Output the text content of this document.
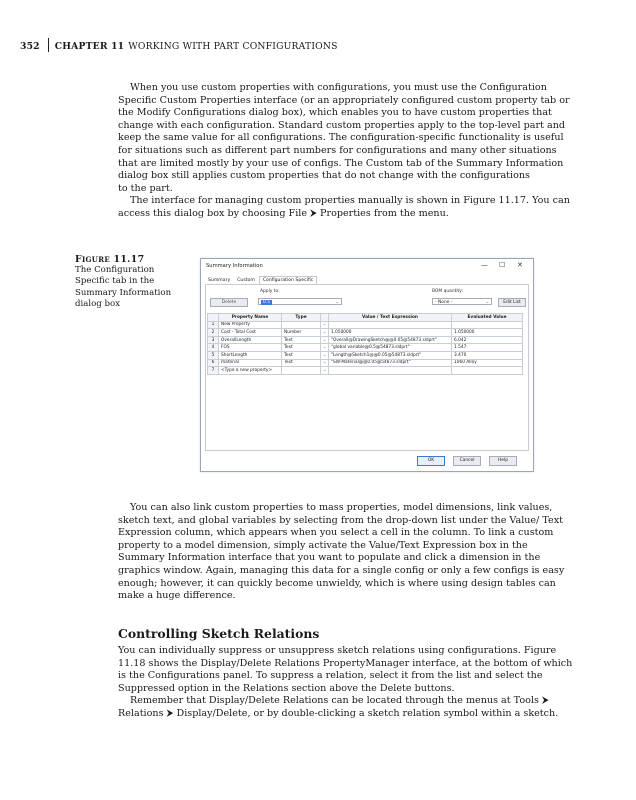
352 CHAPTER 11 WORKING WITH PART CONFIGURATIONS

When you use custom properties with configurations, you must use the Configuration Specific Custom Properties interface (or an appropriately configured custom property tab or the Modify Configurations dialog box), which enables you to have custom properties that change with each configuration. Standard custom properties apply to the top-level part and keep the same value for all configurations. The configuration-specific functionality is useful for situations such as different part numbers for configurations and many other situations that are limited mostly by your use of configs. The Custom tab of the Summary Information dialog box still applies custom properties that do not change with the configurations

to the part.

The interface for managing custom properties manually is shown in Figure 11.17. You can access this dialog box by choosing File ⮞ Properties from the menu.

Figure 11.17
The Configuration Specific tab in the Summary Information dialog box
Summary Information	— ☐ ✕
Summary Custom Configuration Specific
Apply to:
Delete	0.5	⌄
BOM quantity:
- None -	⌄	Edit List
	Property Name	Type		Value / Text Expression	Evaluated Value
1	New Property		⌄		
2	Cost - Total Cost	Number	⌄	1.050000	1.050000
3	OverallLength	Text	⌄	"Overall@DrawingSketch@@0.05@54873.sldprt"	6.042
4	FOS	Text	⌄	"global variable@0.5@54873.sldprt"	1.547
5	ShortLength	Text	⌄	"Length@Sketch1@@0.05@54873.sldprt"	3.470
6	material	Text	⌄	"SW-Material@@0.05@54873.sldprt"	1060 Alloy
7	<Type a new property>		⌄		
OK	Cancel	Help

You can also link custom properties to mass properties, model dimensions, link values, sketch text, and global variables by selecting from the drop-down list under the Value/ Text Expression column, which appears when you select a cell in the column. To link a custom property to a model dimension, simply activate the Value/Text Expression box in the Summary Information interface that you want to populate and click a dimension in the graphics window. Again, managing this data for a single config or only a few configs is easy enough; however, it can quickly become unwieldy, which is where using design tables can make a huge difference.

Controlling Sketch Relations

You can individually suppress or unsuppress sketch relations using configurations. Figure 11.18 shows the Display/Delete Relations PropertyManager interface, at the bottom of which is the Configurations panel. To suppress a relation, select it from the list and select the Suppressed option in the Relations section above the Delete buttons.

Remember that Display/Delete Relations can be located through the menus at Tools ⮞ Relations ⮞ Display/Delete, or by double-clicking a sketch relation symbol within a sketch.
